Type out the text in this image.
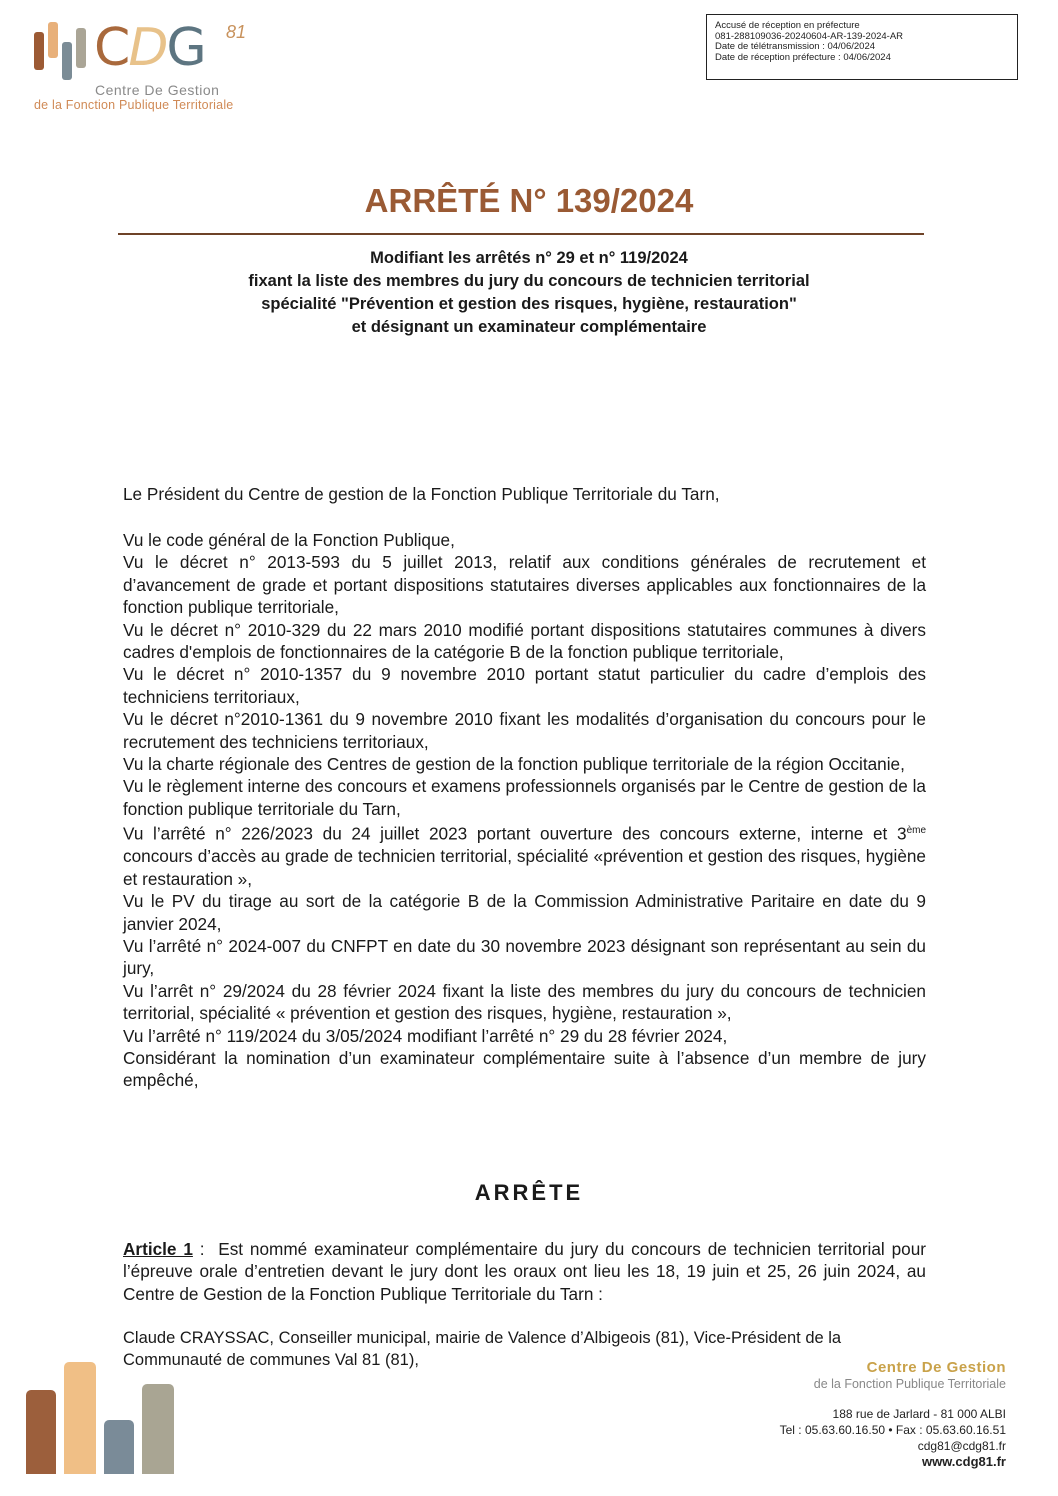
CDG 81
Centre De Gestion
de la Fonction Publique Territoriale
Accusé de réception en préfecture
081-288109036-20240604-AR-139-2024-AR
Date de télétransmission : 04/06/2024
Date de réception préfecture : 04/06/2024
ARRÊTÉ N° 139/2024
Modifiant les arrêtés n° 29 et n° 119/2024
fixant la liste des membres du jury du concours de technicien territorial
spécialité "Prévention et gestion des risques, hygiène, restauration"
et désignant un examinateur complémentaire
Le Président du Centre de gestion de la Fonction Publique Territoriale du Tarn,

Vu le code général de la Fonction Publique,

Vu le décret n° 2013-593 du 5 juillet 2013, relatif aux conditions générales de recrutement et d’avancement de grade et portant dispositions statutaires diverses applicables aux fonctionnaires de la fonction publique territoriale,

Vu le décret n° 2010-329 du 22 mars 2010 modifié portant dispositions statutaires communes à divers cadres d'emplois de fonctionnaires de la catégorie B de la fonction publique territoriale,

Vu le décret n° 2010-1357 du 9 novembre 2010 portant statut particulier du cadre d’emplois des techniciens territoriaux,

Vu le décret n°2010-1361 du 9 novembre 2010 fixant les modalités d’organisation du concours pour le recrutement des techniciens territoriaux,

Vu la charte régionale des Centres de gestion de la fonction publique territoriale de la région Occitanie,

Vu le règlement interne des concours et examens professionnels organisés par le Centre de gestion de la fonction publique territoriale du Tarn,

Vu l’arrêté n° 226/2023 du 24 juillet 2023 portant ouverture des concours externe, interne et 3ème concours d’accès au grade de technicien territorial, spécialité «prévention et gestion des risques, hygiène et restauration »,

Vu le PV du tirage au sort de la catégorie B de la Commission Administrative Paritaire en date du 9 janvier 2024,

Vu l’arrêté n° 2024-007 du CNFPT en date du 30 novembre 2023 désignant son représentant au sein du jury,

Vu l’arrêt n° 29/2024 du 28 février 2024 fixant la liste des membres du jury du concours de technicien territorial, spécialité « prévention et gestion des risques, hygiène, restauration »,

Vu l’arrêté n° 119/2024 du 3/05/2024 modifiant l’arrêté n° 29 du 28 février 2024,

Considérant la nomination d’un examinateur complémentaire suite à l’absence d’un membre de jury empêché,

ARRÊTE

Article 1 :  Est nommé examinateur complémentaire du jury du concours de technicien territorial pour l’épreuve orale d’entretien devant le jury dont les oraux ont lieu les 18, 19 juin et 25, 26 juin 2024, au Centre de Gestion de la Fonction Publique Territoriale du Tarn :

Claude CRAYSSAC, Conseiller municipal, mairie de Valence d’Albigeois (81), Vice-Président de la Communauté de communes Val 81 (81),	Centre De Gestion
de la Fonction Publique Territoriale
188 rue de Jarlard - 81 000 ALBI
Tel : 05.63.60.16.50 • Fax : 05.63.60.16.51
cdg81@cdg81.fr
www.cdg81.fr
